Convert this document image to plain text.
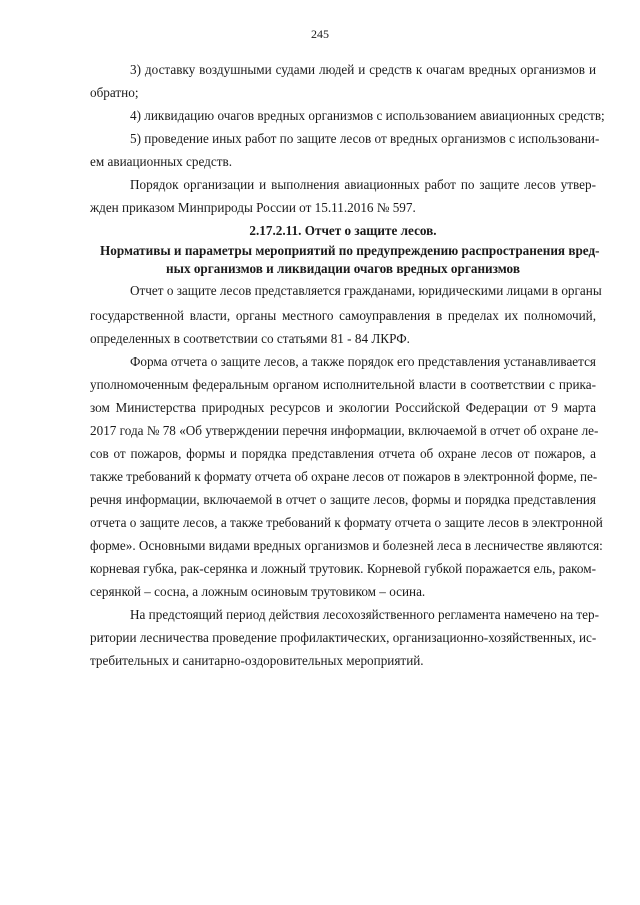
245
3) доставку воздушными судами людей и средств к очагам вредных организмов и
обратно;
4) ликвидацию очагов вредных организмов с использованием авиационных средств;
5) проведение иных работ по защите лесов от вредных организмов с использовани-
ем авиационных средств.
Порядок организации и выполнения авиационных работ по защите лесов утвер-
жден приказом Минприроды России от 15.11.2016 № 597.
2.17.2.11. Отчет о защите лесов.
Нормативы и параметры мероприятий по предупреждению распространения вред-
ных организмов и ликвидации очагов вредных организмов
Отчет о защите лесов представляется гражданами, юридическими лицами в органы
государственной власти, органы местного самоуправления в пределах их полномочий,
определенных в соответствии со статьями 81 - 84 ЛКРФ.
Форма отчета о защите лесов, а также порядок его представления устанавливается
уполномоченным федеральным органом исполнительной власти в соответствии с прика-
зом Министерства природных ресурсов и экологии Российской Федерации от 9 марта
2017 года № 78 «Об утверждении перечня информации, включаемой в отчет об охране ле-
сов от пожаров, формы и порядка представления отчета об охране лесов от пожаров, а
также требований к формату отчета об охране лесов от пожаров в электронной форме, пе-
речня информации, включаемой в отчет о защите лесов, формы и порядка представления
отчета о защите лесов, а также требований к формату отчета о защите лесов в электронной
форме». Основными видами вредных организмов и болезней леса в лесничестве являются:
корневая губка, рак-серянка и ложный трутовик. Корневой губкой поражается ель, раком-
серянкой – сосна, а ложным осиновым трутовиком – осина.
На предстоящий период действия лесохозяйственного регламента намечено на тер-
ритории лесничества проведение профилактических, организационно-хозяйственных, ис-
требительных и санитарно-оздоровительных мероприятий.
